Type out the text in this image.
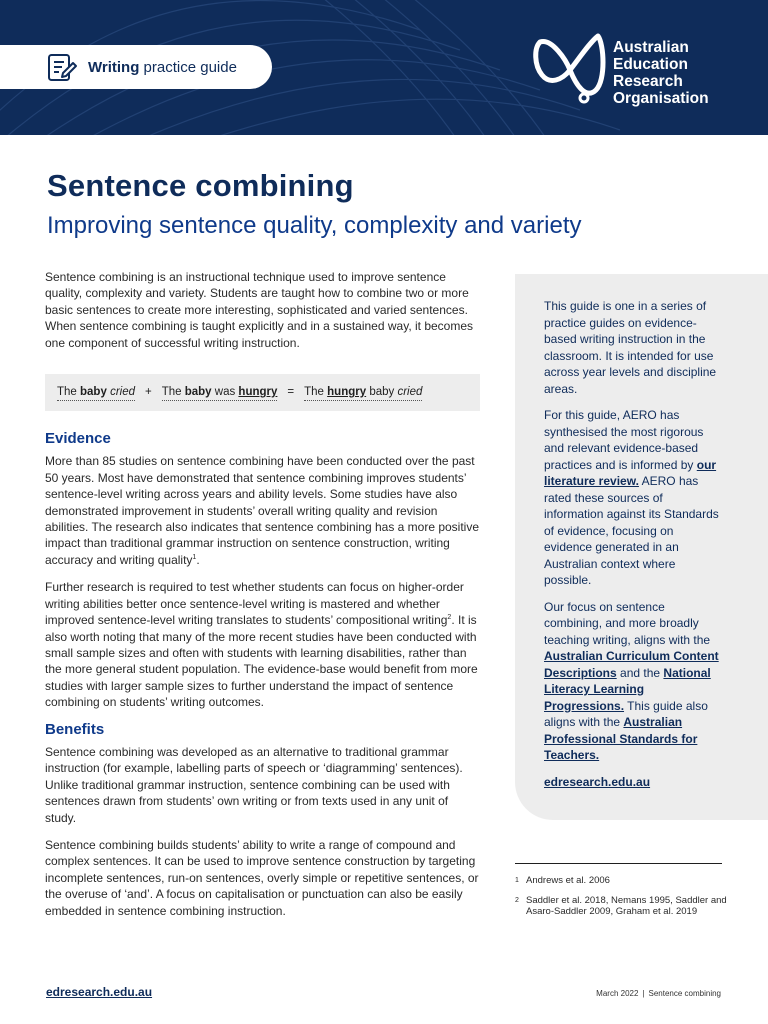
Writing practice guide
Australian
Education
Research
Organisation
Sentence combining
Improving sentence quality, complexity and variety

Sentence combining is an instructional technique used to improve sentence quality, complexity and variety. Students are taught how to combine two or more basic sentences to create more interesting, sophisticated and varied sentences. When sentence combining is taught explicitly and in a sustained way, it becomes one component of successful writing instruction.

The baby cried + The baby was hungry = The hungry baby cried
Evidence

More than 85 studies on sentence combining have been conducted over the past 50 years. Most have demonstrated that sentence combining improves students’ sentence-level writing across years and ability levels. Some studies have also demonstrated improvement in students’ overall writing quality and revision abilities. The research also indicates that sentence combining has a more positive impact than traditional grammar instruction on sentence construction, writing accuracy and writing quality$^1$.

Further research is required to test whether students can focus on higher-order writing abilities better once sentence-level writing is mastered and whether improved sentence-level writing translates to students’ compositional writing$^2$. It is also worth noting that many of the more recent studies have been conducted with small sample sizes and often with students with learning disabilities, rather than the more general student population. The evidence-base would benefit from more studies with larger sample sizes to further understand the impact of sentence combining on students’ writing outcomes.

Benefits

Sentence combining was developed as an alternative to traditional grammar instruction (for example, labelling parts of speech or ‘diagramming’ sentences). Unlike traditional grammar instruction, sentence combining can be used with sentences drawn from students’ own writing or from texts used in any unit of study.

Sentence combining builds students’ ability to write a range of compound and complex sentences. It can be used to improve sentence construction by targeting incomplete sentences, run-on sentences, overly simple or repetitive sentences, or the overuse of ‘and’. A focus on capitalisation or punctuation can also be easily embedded in sentence combining instruction.

This guide is one in a series of practice guides on evidence-based writing instruction in the classroom. It is intended for use across year levels and discipline areas.

For this guide, AERO has synthesised the most rigorous and relevant evidence-based practices and is informed by our literature review. AERO has rated these sources of information against its Standards of evidence, focusing on evidence generated in an Australian context where possible.

Our focus on sentence combining, and more broadly teaching writing, aligns with the Australian Curriculum Content Descriptions and the National Literacy Learning Progressions. This guide also aligns with the Australian Professional Standards for Teachers.

edresearch.edu.au

1 Andrews et al. 2006
2 Saddler et al. 2018, Nemans 1995, Saddler and Asaro-Saddler 2009, Graham et al. 2019
edresearch.edu.au	March 2022 | Sentence combining
